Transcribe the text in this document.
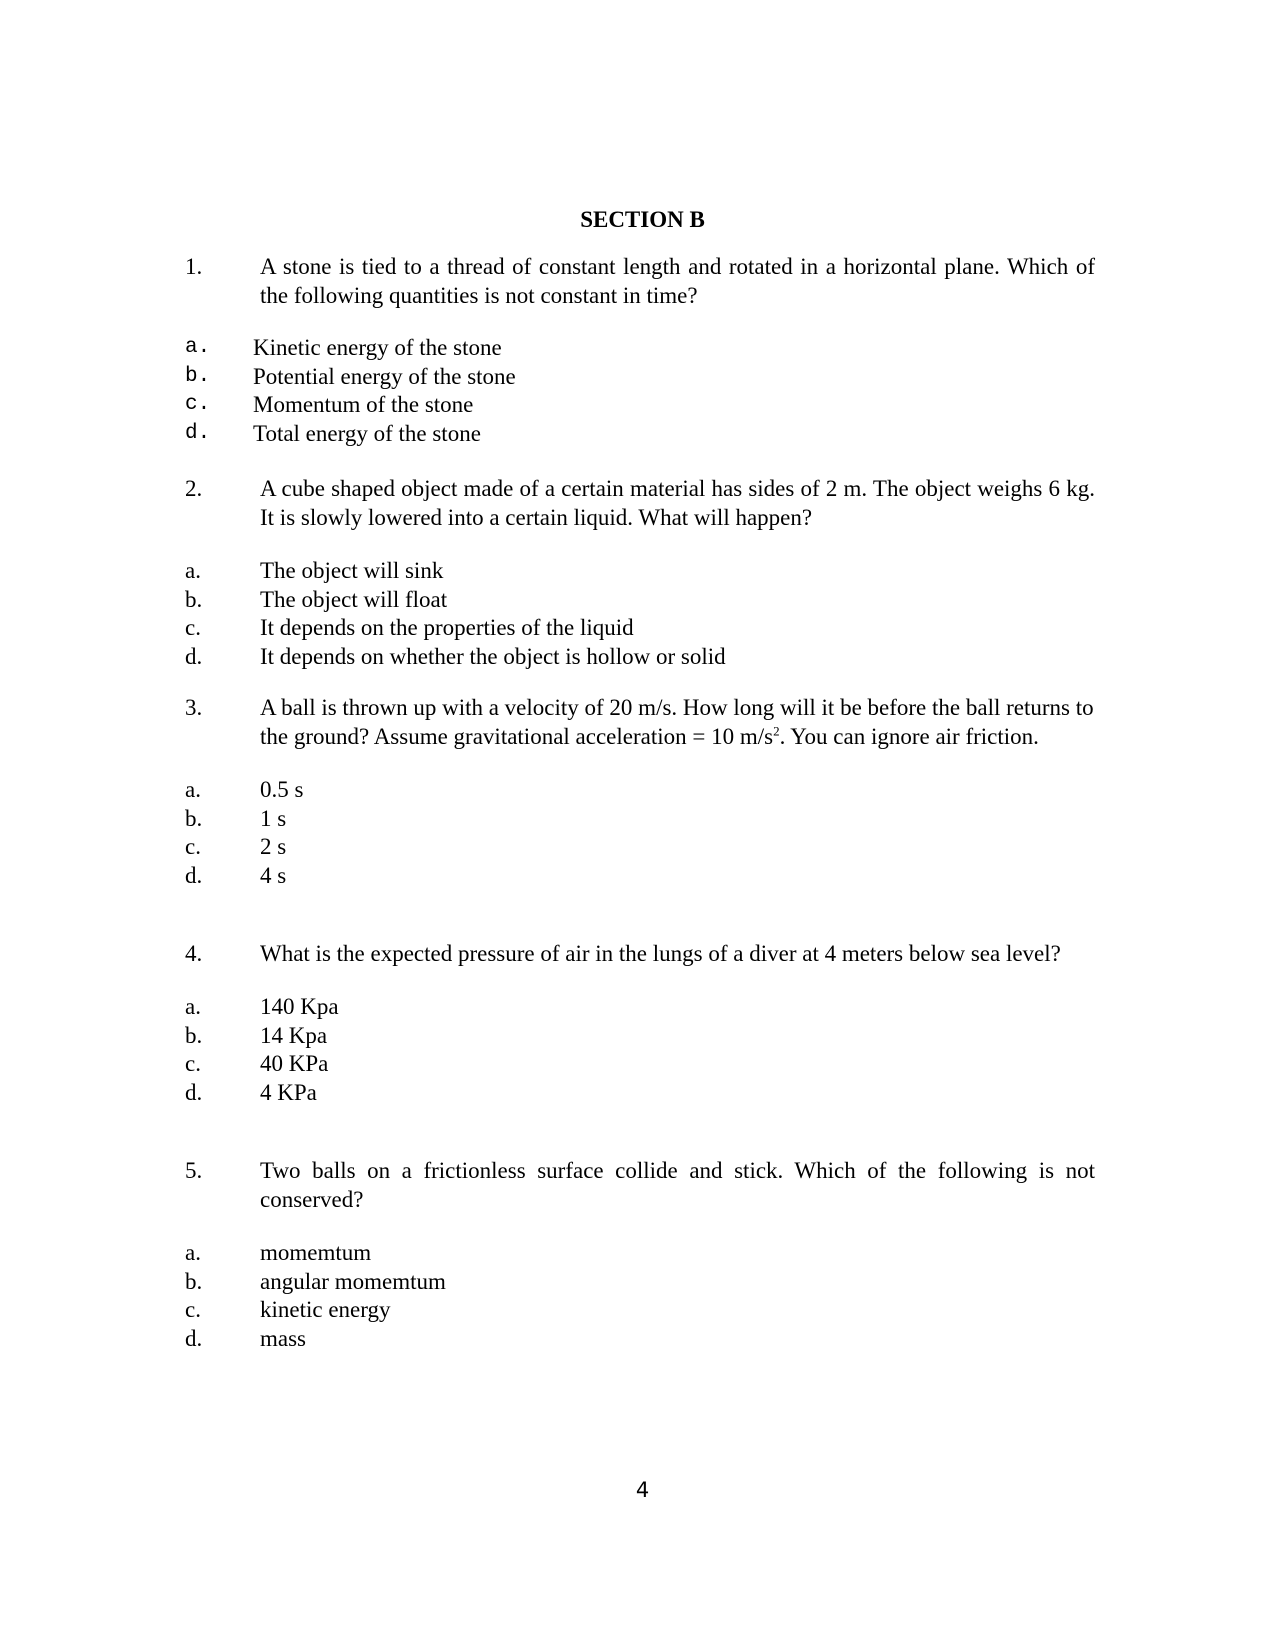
SECTION B
1.	A stone is tied to a thread of constant length and rotated in a horizontal plane. Which of the following quantities is not constant in time?
a. Kinetic energy of the stone
b. Potential energy of the stone
c. Momentum of the stone
d. Total energy of the stone
2.	A cube shaped object made of a certain material has sides of 2 m. The object weighs 6 kg. It is slowly lowered into a certain liquid. What will happen?
a.	The object will sink
b.	The object will float
c.	It depends on the properties of the liquid
d.	It depends on whether the object is hollow or solid
3.	A ball is thrown up with a velocity of 20 m/s. How long will it be before the ball returns to the ground? Assume gravitational acceleration = 10 $m/s^2$. You can ignore air friction.
a.	0.5 s
b.	1 s
c.	2 s
d.	4 s
4.	What is the expected pressure of air in the lungs of a diver at 4 meters below sea level?
a.	140 Kpa
b.	14 Kpa
c.	40 KPa
d.	4 KPa
5.	Two balls on a frictionless surface collide and stick. Which of the following is not conserved?
a.	momemtum
b.	angular momemtum
c.	kinetic energy
d.	mass
4
